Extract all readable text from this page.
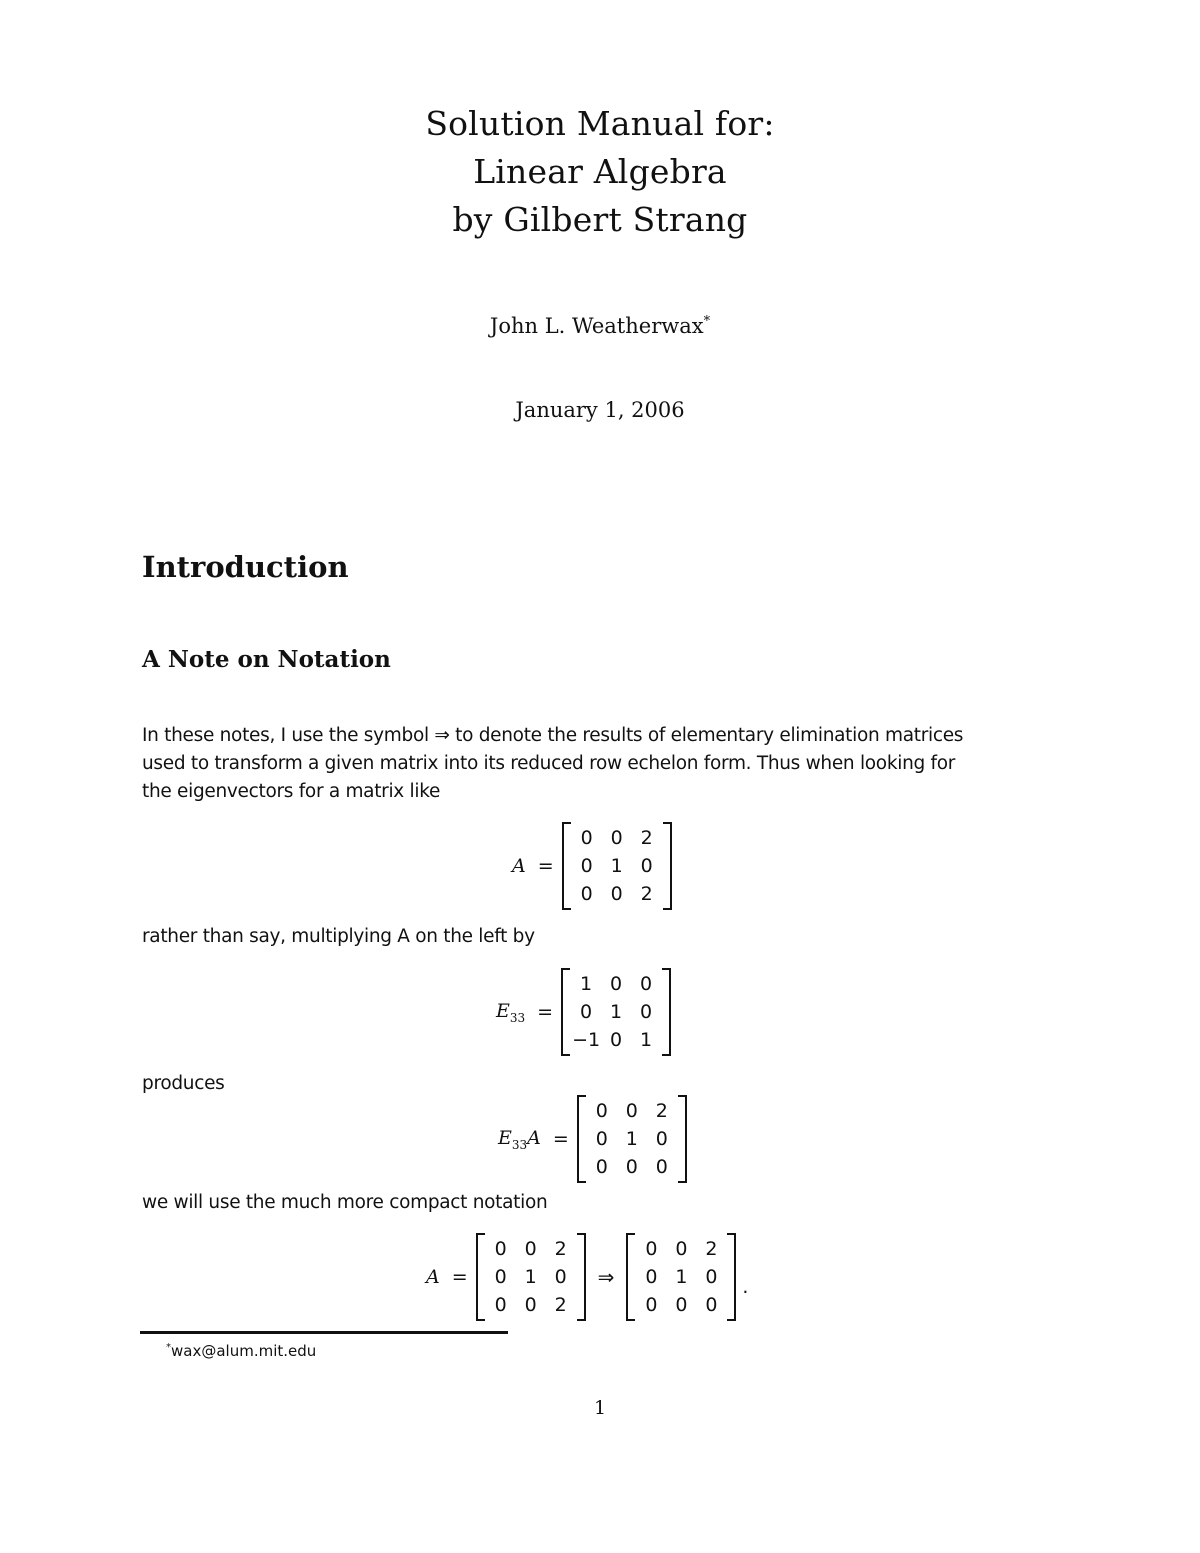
Solution Manual for:
Linear Algebra
by Gilbert Strang
John L. Weatherwax*
January 1, 2006
Introduction
A Note on Notation
In these notes, I use the symbol ⇒ to denote the results of elementary elimination matrices
used to transform a given matrix into its reduced row echelon form. Thus when looking for
the eigenvectors for a matrix like
A =
0 0 2
0 1 0
0 0 2
rather than say, multiplying A on the left by
$E_{33}$ =
1 0 0
0 1 0
−1 0 1
produces
$E_{33}A$ =
0 0 2
0 1 0
0 0 0
we will use the much more compact notation
A =
0 0 2
0 1 0
0 0 2
⇒
0 0 2
0 1 0
0 0 0
.
*wax@alum.mit.edu
1
